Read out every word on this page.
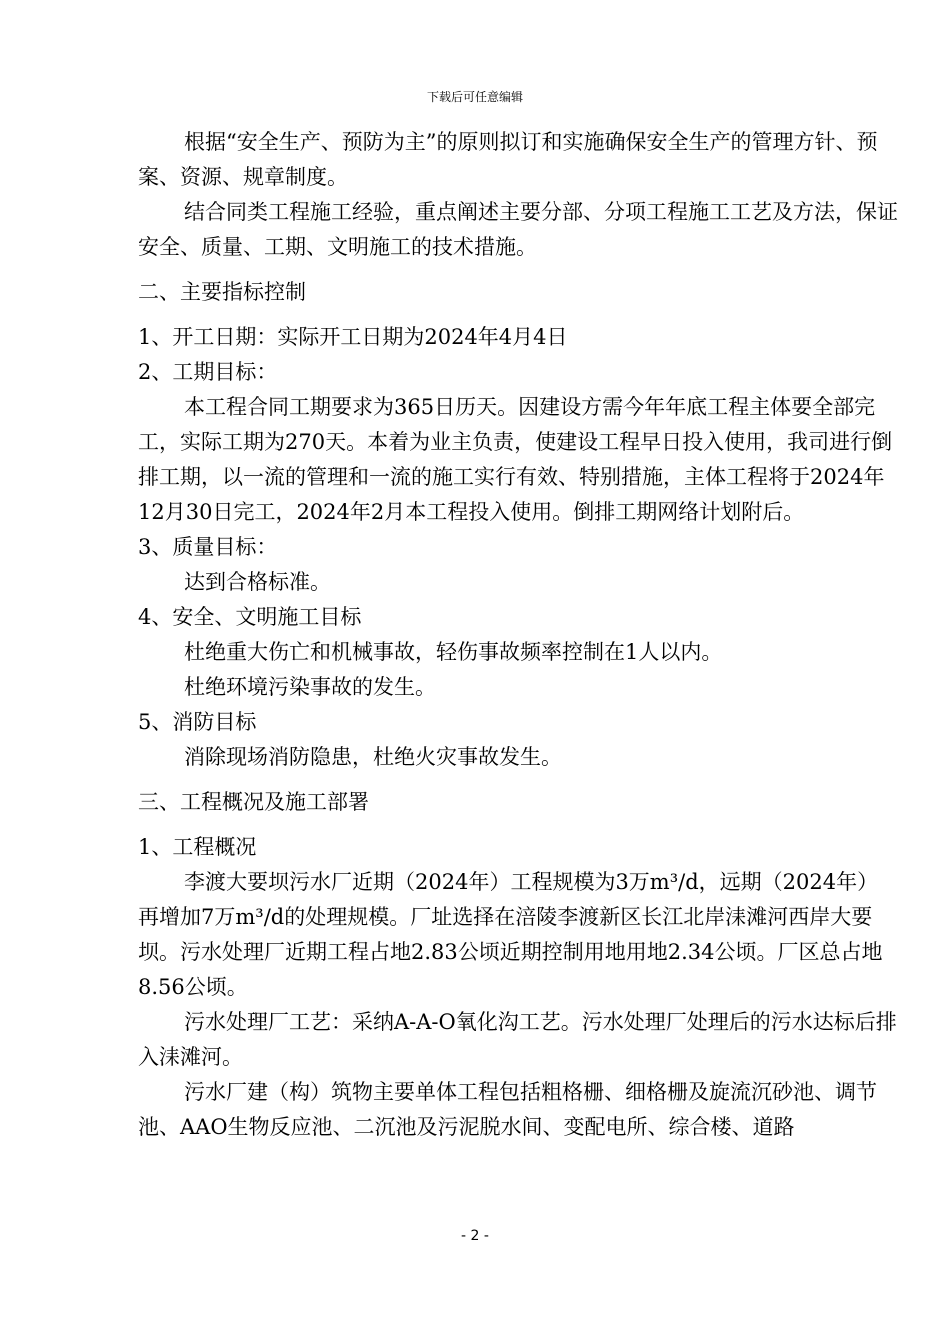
下载后可任意编辑

根据“安全生产、预防为主”的原则拟订和实施确保安全生产的管理方针、预案、资源、规章制度。

结合同类工程施工经验，重点阐述主要分部、分项工程施工工艺及方法，保证安全、质量、工期、文明施工的技术措施。

二、主要指标控制

1、开工日期：实际开工日期为2024年4月4日

2、工期目标：

本工程合同工期要求为365日历天。因建设方需今年年底工程主体要全部完工，实际工期为270天。本着为业主负责，使建设工程早日投入使用，我司进行倒排工期，以一流的管理和一流的施工实行有效、特别措施，主体工程将于2024年12月30日完工，2024年2月本工程投入使用。倒排工期网络计划附后。

3、质量目标：

达到合格标准。

4、安全、文明施工目标

杜绝重大伤亡和机械事故，轻伤事故频率控制在1人以内。

杜绝环境污染事故的发生。

5、消防目标

消除现场消防隐患，杜绝火灾事故发生。

三、工程概况及施工部署

1、工程概况

李渡大要坝污水厂近期（2024年）工程规模为3万m³/d，远期（2024年）再增加7万m³/d的处理规模。厂址选择在涪陵李渡新区长江北岸洡滩河西岸大要坝。污水处理厂近期工程占地2.83公顷近期控制用地用地2.34公顷。厂区总占地8.56公顷。

污水处理厂工艺：采纳A-A-O氧化沟工艺。污水处理厂处理后的污水达标后排入洡滩河。

污水厂建（构）筑物主要单体工程包括粗格栅、细格栅及旋流沉砂池、调节池、AAO生物反应池、二沉池及污泥脱水间、变配电所、综合楼、道路

- 2 -
